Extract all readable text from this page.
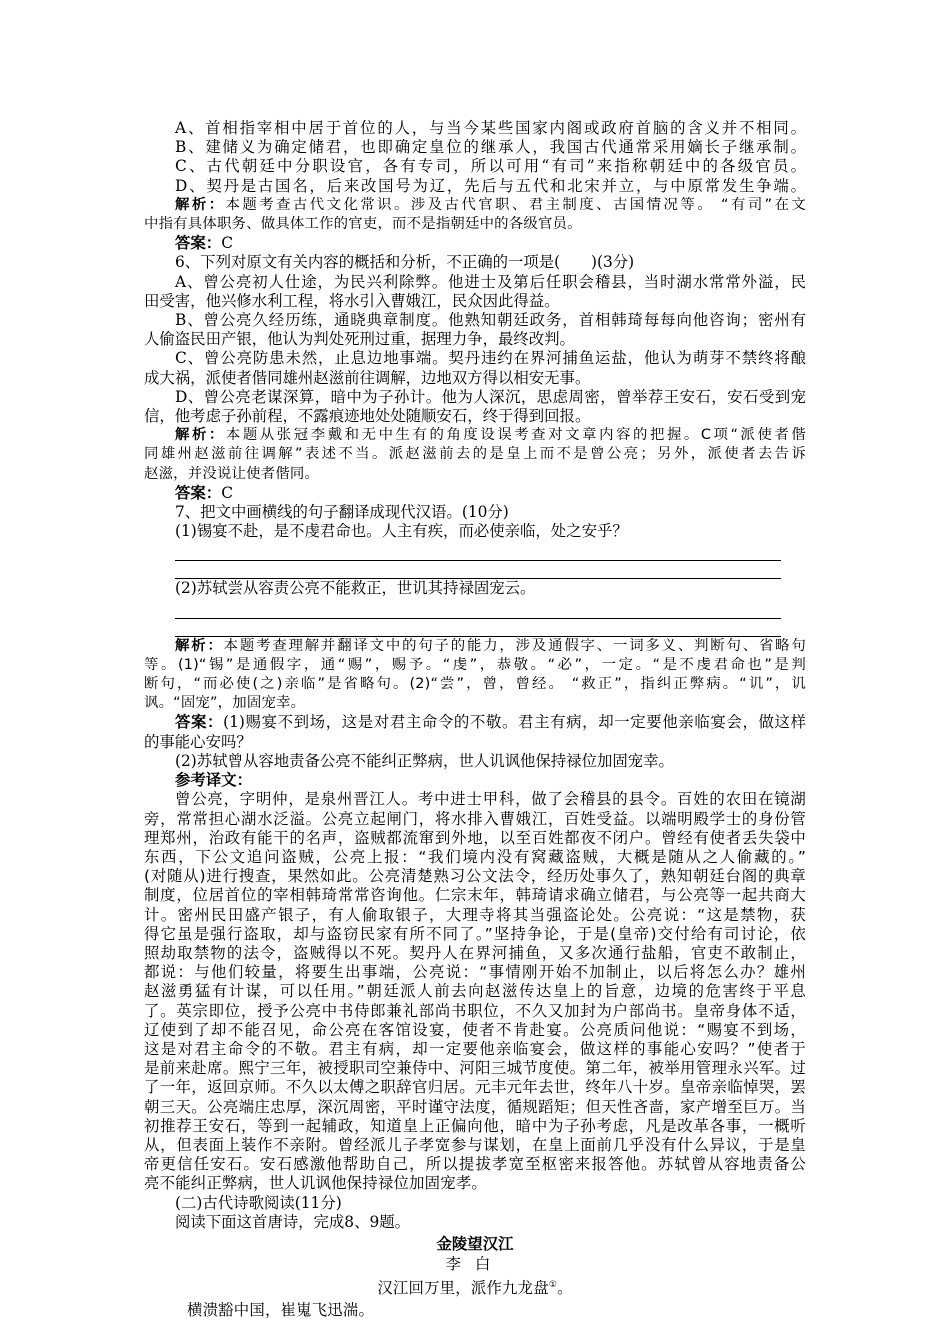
A、首相指宰相中居于首位的人，与当今某些国家内阁或政府首脑的含义并不相同。

B、建储义为确定储君，也即确定皇位的继承人，我国古代通常采用嫡长子继承制。

C、古代朝廷中分职设官，各有专司，所以可用“有司”来指称朝廷中的各级官员。

D、契丹是古国名，后来改国号为辽，先后与五代和北宋并立，与中原常发生争端。

解析：本题考查古代文化常识。涉及古代官职、君主制度、古国情况等。 “有司”在文

中指有具体职务、做具体工作的官吏，而不是指朝廷中的各级官员。

答案：C

6、下列对原文有关内容的概括和分析，不正确的一项是(　　)(3分)

A、曾公亮初人仕途，为民兴利除弊。他进士及第后任职会稽县，当时湖水常常外溢，民

田受害，他兴修水利工程，将水引入曹娥江，民众因此得益。

B、曾公亮久经历练，通晓典章制度。他熟知朝廷政务，首相韩琦每每向他咨询；密州有

人偷盗民田产银，他认为判处死刑过重，据理力争，最终改判。

C、曾公亮防患未然，止息边地事端。契丹违约在界河捕鱼运盐，他认为萌芽不禁终将酿

成大祸，派使者偕同雄州赵滋前往调解，边地双方得以相安无事。

D、曾公亮老谋深算，暗中为子孙计。他为人深沉，思虑周密，曾举荐王安石，安石受到宠

信，他考虑子孙前程，不露痕迹地处处随顺安石，终于得到回报。

解析：本题从张冠李戴和无中生有的角度设误考查对文章内容的把握。C项“派使者偕

同雄州赵滋前往调解”表述不当。派赵滋前去的是皇上而不是曾公亮；另外，派使者去告诉

赵滋，并没说让使者偕同。

答案：C

7、把文中画横线的句子翻译成现代汉语。(10分)

(1)锡宴不赴，是不虔君命也。人主有疾，而必使亲临，处之安乎？

(2)苏轼尝从容责公亮不能救正，世讥其持禄固宠云。

解析：本题考查理解并翻译文中的句子的能力，涉及通假字、一词多义、判断句、省略句

等。(1)“锡”是通假字，通“赐”，赐予。“虔”，恭敬。“必”，一定。“是不虔君命也”是判

断句，“而必使(之)亲临”是省略句。(2)“尝”，曾，曾经。 “救正”，指纠正弊病。“讥”，讥

讽。“固宠”，加固宠幸。

答案：(1)赐宴不到场，这是对君主命令的不敬。君主有病，却一定要他亲临宴会，做这样

的事能心安吗？

(2)苏轼曾从容地责备公亮不能纠正弊病，世人讥讽他保持禄位加固宠幸。

参考译文：

曾公亮，字明仲，是泉州晋江人。考中进士甲科，做了会稽县的县令。百姓的农田在镜湖

旁，常常担心湖水泛溢。公亮立起闸门，将水排入曹娥江，百姓受益。以端明殿学士的身份管

理郑州，治政有能干的名声，盗贼都流窜到外地，以至百姓都夜不闭户。曾经有使者丢失袋中

东西，下公文追问盗贼，公亮上报：“我们境内没有窝藏盗贼，大概是随从之人偷藏的。”

(对随从)进行搜查，果然如此。公亮清楚熟习公文法令，经历处事久了，熟知朝廷台阁的典章

制度，位居首位的宰相韩琦常常咨询他。仁宗末年，韩琦请求确立储君，与公亮等一起共商大

计。密州民田盛产银子，有人偷取银子，大理寺将其当强盗论处。公亮说：“这是禁物，获

得它虽是强行盗取，却与盗窃民家有所不同了。”坚持争论，于是(皇帝)交付给有司讨论，依

照劫取禁物的法令，盗贼得以不死。契丹人在界河捕鱼，又多次通行盐船，官吏不敢制止，

都说：与他们较量，将要生出事端，公亮说：“事情刚开始不加制止，以后将怎么办？雄州

赵滋勇猛有计谋，可以任用。”朝廷派人前去向赵滋传达皇上的旨意，边境的危害终于平息

了。英宗即位，授予公亮中书侍郎兼礼部尚书职位，不久又加封为户部尚书。皇帝身体不适，

辽使到了却不能召见，命公亮在客馆设宴，使者不肯赴宴。公亮质问他说：“赐宴不到场，

这是对君主命令的不敬。君主有病，却一定要他亲临宴会，做这样的事能心安吗？”使者于

是前来赴席。熙宁三年，被授职司空兼侍中、河阳三城节度使。第二年，被举用管理永兴军。过

了一年，返回京师。不久以太傅之职辞官归居。元丰元年去世，终年八十岁。皇帝亲临悼哭，罢

朝三天。公亮端庄忠厚，深沉周密，平时谨守法度，循规蹈矩；但天性吝啬，家产增至巨万。当

初推荐王安石，等到一起辅政，知道皇上正偏向他，暗中为子孙考虑，凡是改革各事，一概听

从，但表面上装作不亲附。曾经派儿子孝宽参与谋划，在皇上面前几乎没有什么异议，于是皇

帝更信任安石。安石感激他帮助自己，所以提拔孝宽至枢密来报答他。苏轼曾从容地责备公

亮不能纠正弊病，世人讥讽他保持禄位加固宠孝。

(二)古代诗歌阅读(11分)

阅读下面这首唐诗，完成8、9题。

金陵望汉江
李白
汉江回万里，派作九龙盘①。
横溃豁中国，崔嵬飞迅湍。
